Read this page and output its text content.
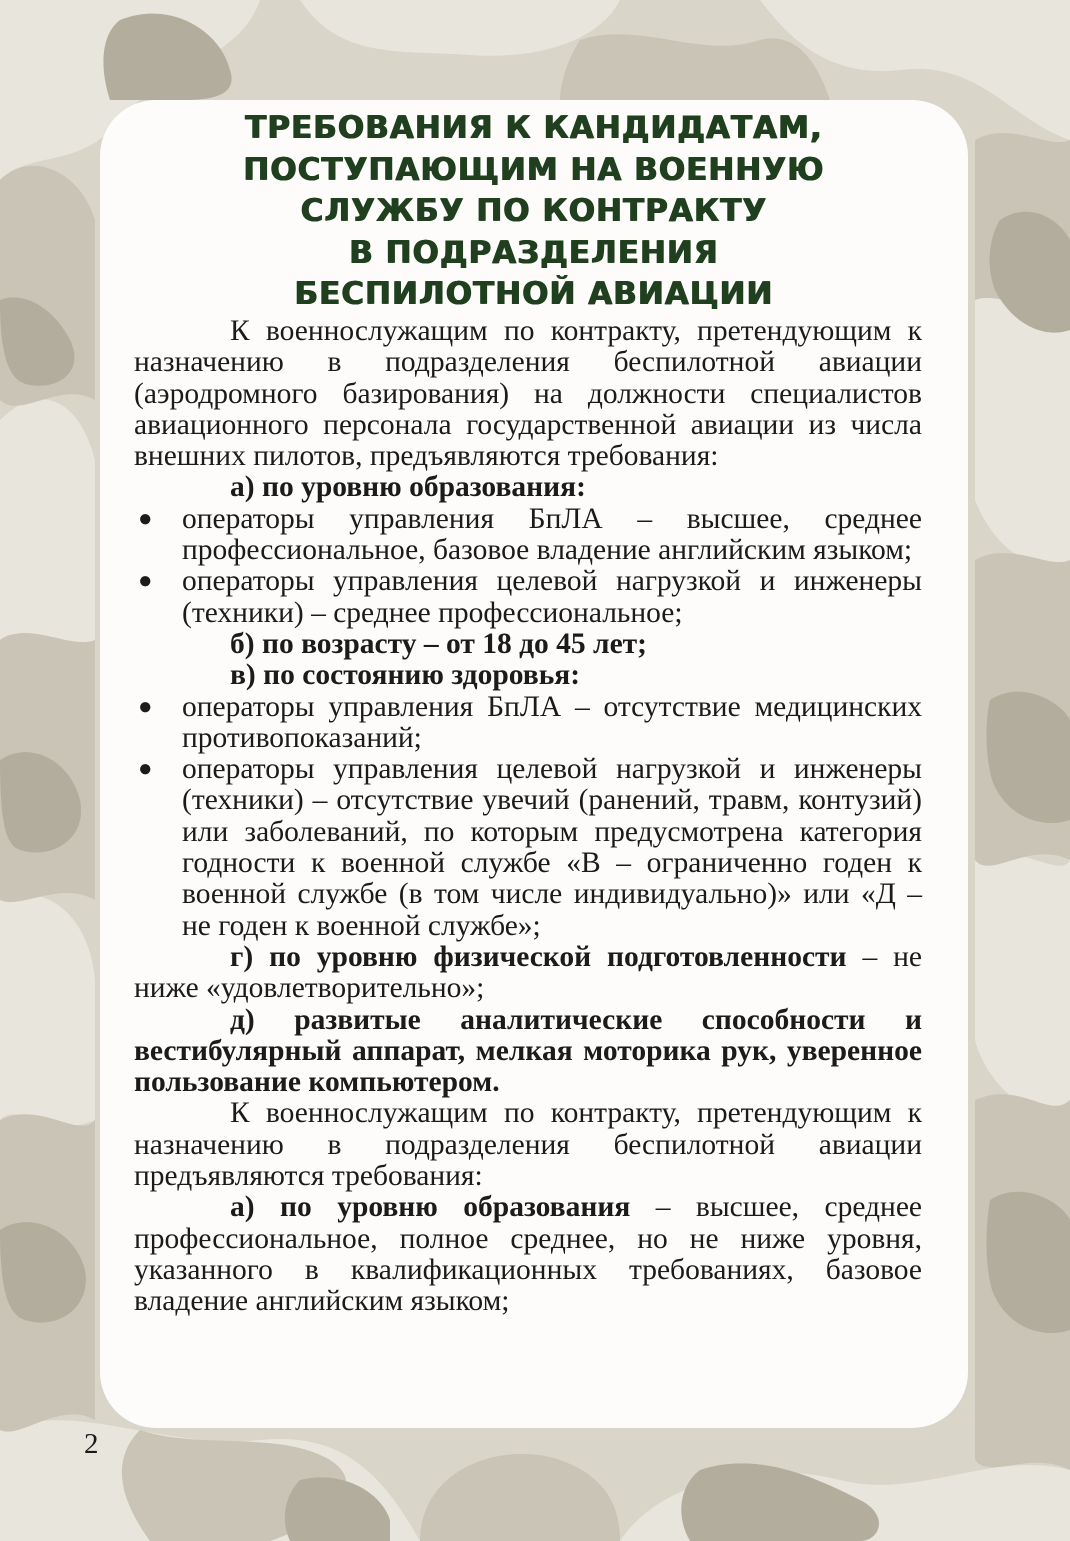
ТРЕБОВАНИЯ К КАНДИДАТАМ,
ПОСТУПАЮЩИМ НА ВОЕННУЮ
СЛУЖБУ ПО КОНТРАКТУ
В ПОДРАЗДЕЛЕНИЯ
БЕСПИЛОТНОЙ АВИАЦИИ

К военнослужащим по контракту, претендующим к назначению в подразделения беспилотной авиации (аэродромного базирования) на должности специалистов авиационного персонала государственной авиации из числа внешних пилотов, предъявляются требования:

а) по уровню образования:

● операторы управления БпЛА – высшее, среднее профессиональное, базовое владение английским языком;
● операторы управления целевой нагрузкой и инженеры (техники) – среднее профессиональное;

б) по возрасту – от 18 до 45 лет;

в) по состоянию здоровья:

● операторы управления БпЛА – отсутствие медицинских противопоказаний;
● операторы управления целевой нагрузкой и инженеры (техники) – отсутствие увечий (ранений, травм, контузий) или заболеваний, по которым предусмотрена категория годности к военной службе «В – ограниченно годен к военной службе (в том числе индивидуально)» или «Д – не годен к военной службе»;

г) по уровню физической подготовленности – не ниже «удовлетворительно»;

д) развитые аналитические способности и вестибулярный аппарат, мелкая моторика рук, уверенное пользование компьютером.

К военнослужащим по контракту, претендующим к назначению в подразделения беспилотной авиации предъявляются требования:

а) по уровню образования – высшее, среднее профессиональное, полное среднее, но не ниже уровня, указанного в квалификационных требованиях, базовое владение английским языком;

2
